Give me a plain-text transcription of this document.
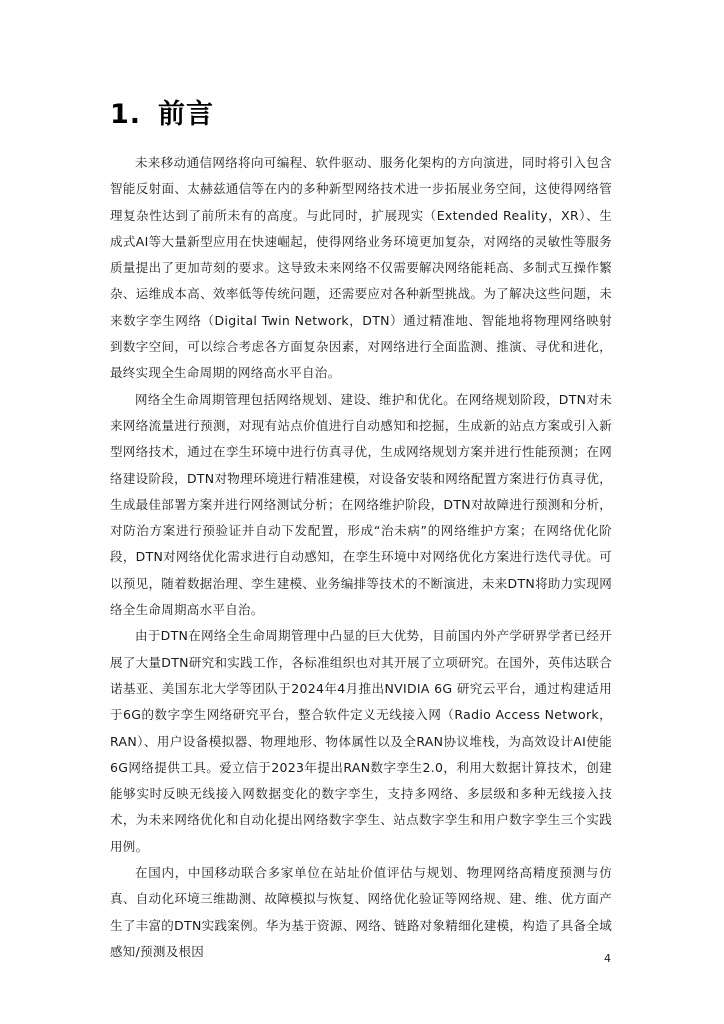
1. 前言

未来移动通信网络将向可编程、软件驱动、服务化架构的方向演进，同时将引入包含智能反射面、太赫兹通信等在内的多种新型网络技术进一步拓展业务空间，这使得网络管理复杂性达到了前所未有的高度。与此同时，扩展现实（Extended Reality，XR）、生成式AI等大量新型应用在快速崛起，使得网络业务环境更加复杂，对网络的灵敏性等服务质量提出了更加苛刻的要求。这导致未来网络不仅需要解决网络能耗高、多制式互操作繁杂、运维成本高、效率低等传统问题，还需要应对各种新型挑战。为了解决这些问题，未来数字孪生网络（Digital Twin Network，DTN）通过精准地、智能地将物理网络映射到数字空间，可以综合考虑各方面复杂因素，对网络进行全面监测、推演、寻优和进化，最终实现全生命周期的网络高水平自治。

网络全生命周期管理包括网络规划、建设、维护和优化。在网络规划阶段，DTN对未来网络流量进行预测，对现有站点价值进行自动感知和挖掘，生成新的站点方案或引入新型网络技术，通过在孪生环境中进行仿真寻优，生成网络规划方案并进行性能预测；在网络建设阶段，DTN对物理环境进行精准建模，对设备安装和网络配置方案进行仿真寻优，生成最佳部署方案并进行网络测试分析；在网络维护阶段，DTN对故障进行预测和分析，对防治方案进行预验证并自动下发配置，形成“治未病”的网络维护方案；在网络优化阶段，DTN对网络优化需求进行自动感知，在孪生环境中对网络优化方案进行迭代寻优。可以预见，随着数据治理、孪生建模、业务编排等技术的不断演进，未来DTN将助力实现网络全生命周期高水平自治。

由于DTN在网络全生命周期管理中凸显的巨大优势，目前国内外产学研界学者已经开展了大量DTN研究和实践工作，各标准组织也对其开展了立项研究。在国外，英伟达联合诺基亚、美国东北大学等团队于2024年4月推出NVIDIA 6G 研究云平台，通过构建适用于6G的数字孪生网络研究平台，整合软件定义无线接入网（Radio Access Network，RAN）、用户设备模拟器、物理地形、物体属性以及全RAN协议堆栈，为高效设计AI使能6G网络提供工具。爱立信于2023年提出RAN数字孪生2.0，利用大数据计算技术，创建能够实时反映无线接入网数据变化的数字孪生，支持多网络、多层级和多种无线接入技术，为未来网络优化和自动化提出网络数字孪生、站点数字孪生和用户数字孪生三个实践用例。

在国内，中国移动联合多家单位在站址价值评估与规划、物理网络高精度预测与仿真、自动化环境三维勘测、故障模拟与恢复、网络优化验证等网络规、建、维、优方面产生了丰富的DTN实践案例。华为基于资源、网络、链路对象精细化建模，构造了具备全域感知/预测及根因	4
